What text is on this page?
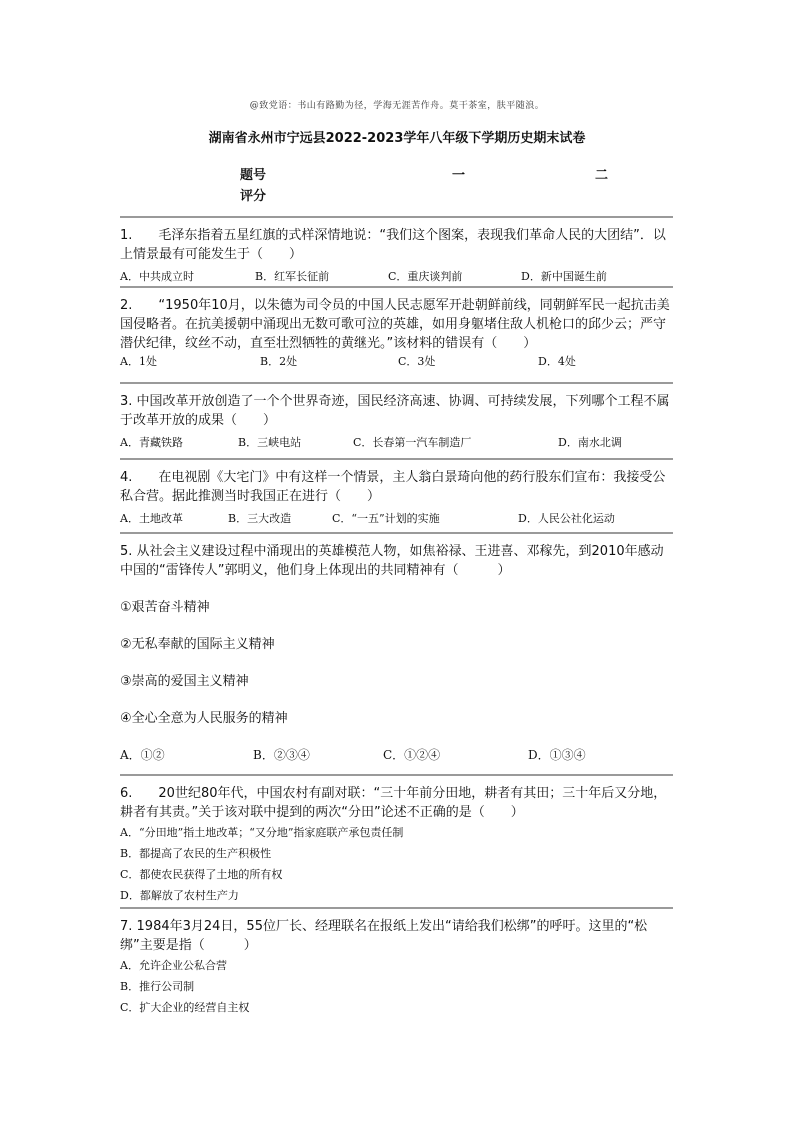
@致党语：书山有路勤为径，学海无涯苦作舟。莫干茶室，肤平随浪。
湖南省永州市宁远县2022-2023学年八年级下学期历史期末试卷
题号	一	二
评分
1.　　毛泽东指着五星红旗的式样深情地说：“我们这个图案，表现我们革命人民的大团结”．以上情景最有可能发生于（　　）
A．中共成立时	B．红军长征前	C．重庆谈判前	D．新中国诞生前
2.　　“1950年10月，以朱德为司令员的中国人民志愿军开赴朝鲜前线，同朝鲜军民一起抗击美国侵略者。在抗美援朝中涌现出无数可歌可泣的英雄，如用身躯堵住敌人机枪口的邱少云；严守潜伏纪律，纹丝不动，直至壮烈牺牲的黄继光。”该材料的错误有（　　）
A．1处	B．2处	C．3处	D．4处
3. 中国改革开放创造了一个个世界奇迹，国民经济高速、协调、可持续发展，下列哪个工程不属于改革开放的成果（　　）
A．青藏铁路	B．三峡电站	C．长春第一汽车制造厂	D．南水北调
4.　　在电视剧《大宅门》中有这样一个情景，主人翁白景琦向他的药行股东们宣布：我接受公私合营。据此推测当时我国正在进行（　　）
A．土地改革	B．三大改造	C．“一五”计划的实施	D．人民公社化运动
5. 从社会主义建设过程中涌现出的英雄模范人物，如焦裕禄、王进喜、邓稼先，到2010年感动中国的“雷锋传人”郭明义，他们身上体现出的共同精神有（　　　）
①艰苦奋斗精神
②无私奉献的国际主义精神
③崇高的爱国主义精神
④全心全意为人民服务的精神
A．①②	B．②③④	C．①②④	D．①③④
6.　　20世纪80年代，中国农村有副对联：“三十年前分田地，耕者有其田；三十年后又分地，耕者有其责。”关于该对联中提到的两次“分田”论述不正确的是（　　）
A．“分田地”指土地改革；“又分地”指家庭联产承包责任制
B．都提高了农民的生产积极性
C．都使农民获得了土地的所有权
D．都解放了农村生产力
7. 1984年3月24日，55位厂长、经理联名在报纸上发出“请给我们松绑”的呼吁。这里的“松绑”主要是指（　　　）
A．允许企业公私合营
B．推行公司制
C．扩大企业的经营自主权
